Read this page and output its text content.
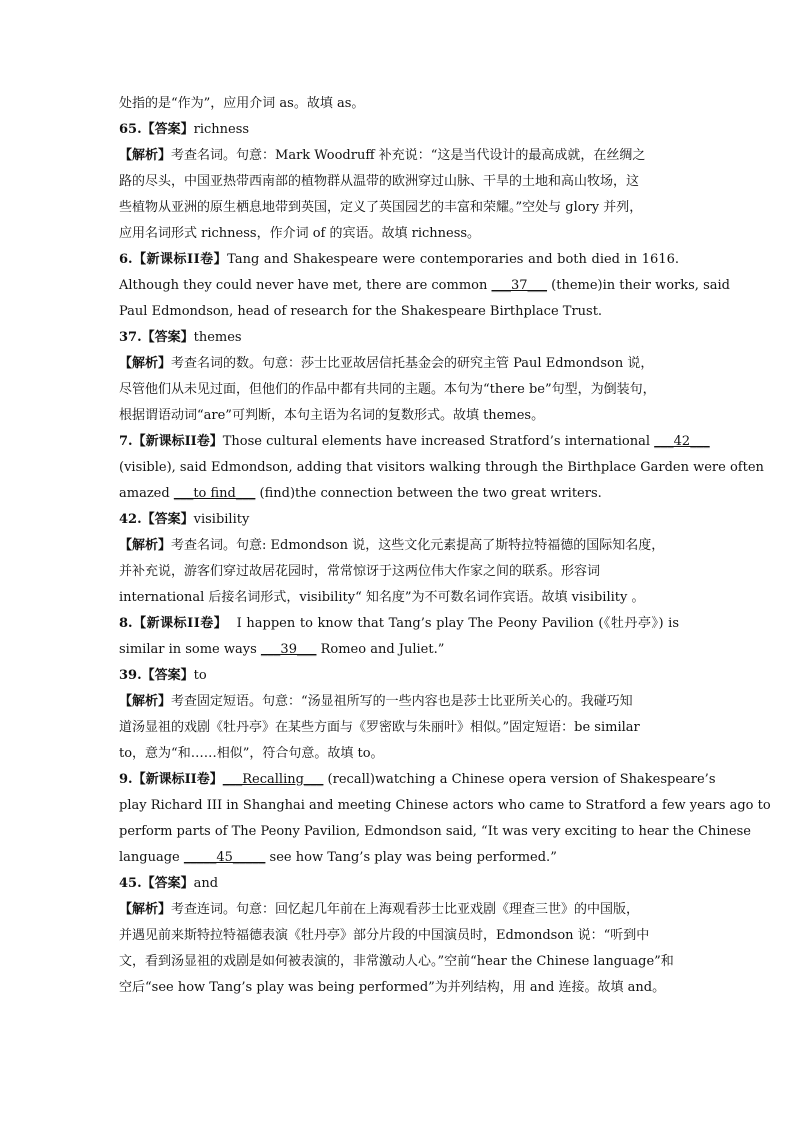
处指的是“作为”，应用介词 as。故填 as。
65.【答案】richness
【解析】考查名词。句意：Mark Woodruff 补充说：“这是当代设计的最高成就，在丝绸之
路的尽头，中国亚热带西南部的植物群从温带的欧洲穿过山脉、干旱的土地和高山牧场，这
些植物从亚洲的原生栖息地带到英国，定义了英国园艺的丰富和荣耀。”空处与 glory 并列，
应用名词形式 richness，作介词 of 的宾语。故填 richness。
6.【新课标ⅠⅠ卷】Tang and Shakespeare were contemporaries and both died in 1616.
Although they could never have met, there are common ___37___ (theme)in their works, said
Paul Edmondson, head of research for the Shakespeare Birthplace Trust.
37.【答案】themes
【解析】考查名词的数。句意：莎士比亚故居信托基金会的研究主管 Paul Edmondson 说，
尽管他们从未见过面，但他们的作品中都有共同的主题。本句为“there be”句型，为倒装句，
根据谓语动词“are”可判断，本句主语为名词的复数形式。故填 themes。
7.【新课标ⅠⅠ卷】Those cultural elements have increased Stratford’s international ___42___
(visible), said Edmondson, adding that visitors walking through the Birthplace Garden were often
amazed ___to find___ (find)the connection between the two great writers.
42.【答案】visibility
【解析】考查名词。句意: Edmondson 说，这些文化元素提高了斯特拉特福德的国际知名度，
并补充说，游客们穿过故居花园时，常常惊讶于这两位伟大作家之间的联系。形容词
international 后接名词形式，visibility“ 知名度”为不可数名词作宾语。故填 visibility 。
8.【新课标ⅠⅠ卷】  I happen to know that Tang’s play The Peony Pavilion (《牡丹亭》) is
similar in some ways ___39___ Romeo and Juliet.”
39.【答案】to
【解析】考查固定短语。句意：“汤显祖所写的一些内容也是莎士比亚所关心的。我碰巧知
道汤显祖的戏剧《牡丹亭》在某些方面与《罗密欧与朱丽叶》相似。”固定短语：be similar
to，意为“和……相似”，符合句意。故填 to。
9.【新课标ⅠⅠ卷】___Recalling___ (recall)watching a Chinese opera version of Shakespeare’s
play Richard III in Shanghai and meeting Chinese actors who came to Stratford a few years ago to
perform parts of The Peony Pavilion, Edmondson said, “It was very exciting to hear the Chinese
language _____45_____ see how Tang’s play was being performed.”
45.【答案】and
【解析】考查连词。句意：回忆起几年前在上海观看莎士比亚戏剧《理查三世》的中国版，
并遇见前来斯特拉特福德表演《牡丹亭》部分片段的中国演员时，Edmondson 说：“听到中
文，看到汤显祖的戏剧是如何被表演的，非常激动人心。”空前“hear the Chinese language”和
空后“see how Tang’s play was being performed”为并列结构，用 and 连接。故填 and。
